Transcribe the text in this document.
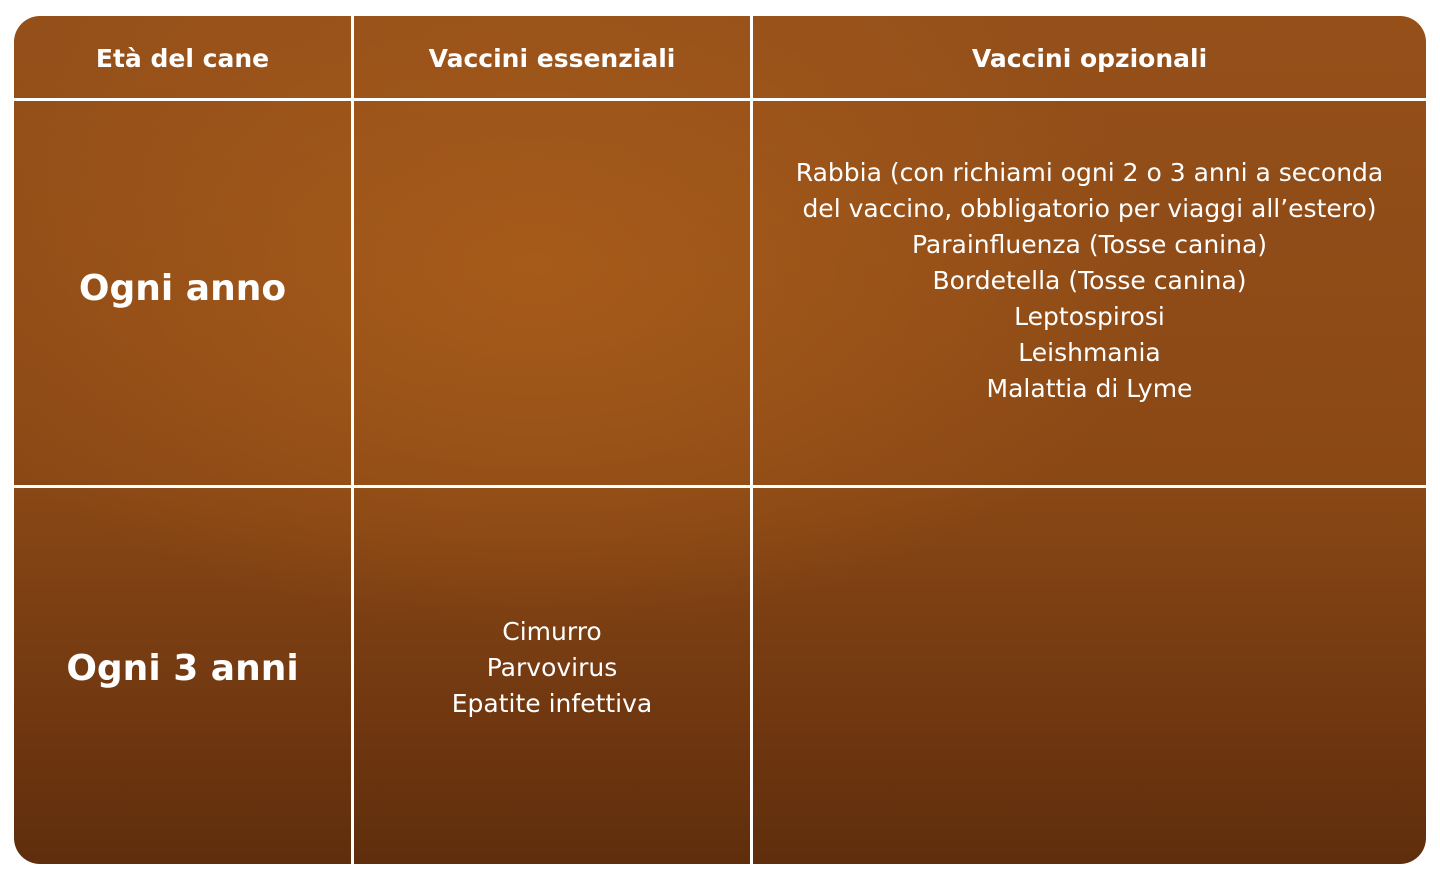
Età del cane	Vaccini essenziali	Vaccini opzionali
Ogni anno
Rabbia (con richiami ogni 2 o 3 anni a seconda
del vaccino, obbligatorio per viaggi all’estero)
Parainfluenza (Tosse canina)
Bordetella (Tosse canina)
Leptospirosi
Leishmania
Malattia di Lyme
Ogni 3 anni
Cimurro
Parvovirus
Epatite infettiva
